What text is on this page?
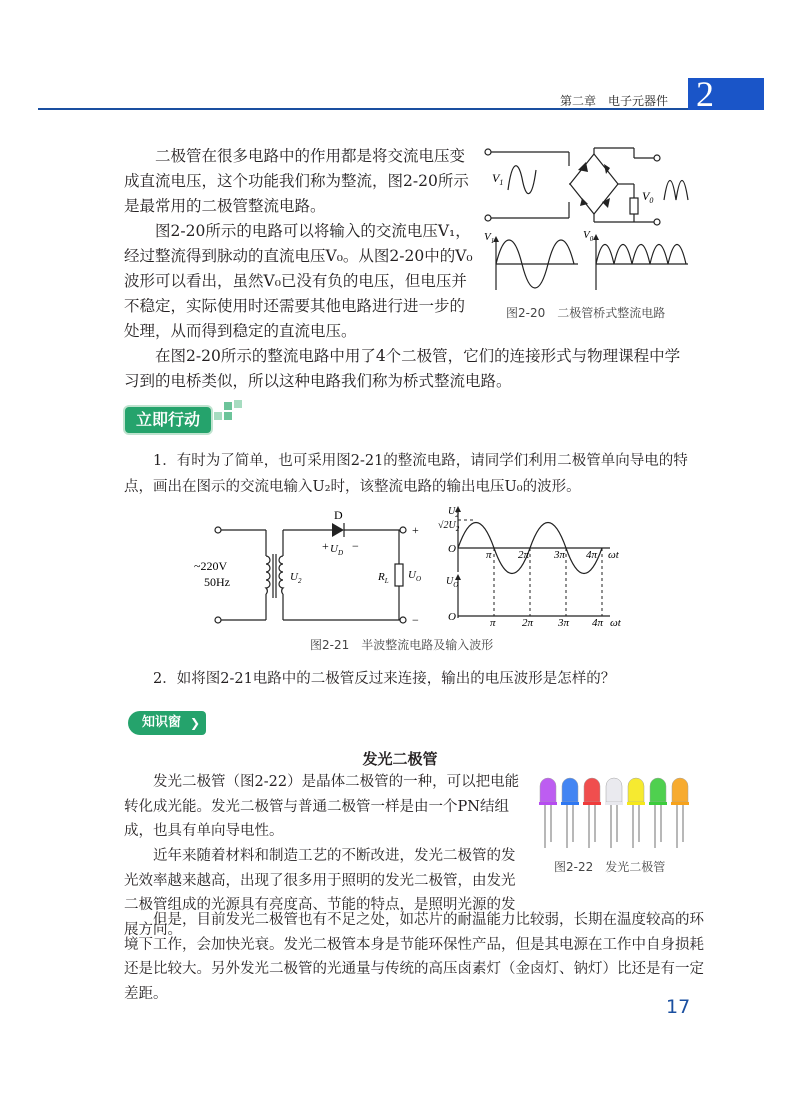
第二章　电子元器件 2

二极管在很多电路中的作用都是将交流电压变成直流电压，这个功能我们称为整流，图2-20所示是最常用的二极管整流电路。

图2-20所示的电路可以将输入的交流电压V₁，经过整流得到脉动的直流电压V₀。从图2-20中的V₀波形可以看出，虽然V₀已没有负的电压，但电压并不稳定，实际使用时还需要其他电路进行进一步的处理，从而得到稳定的直流电压。

在图2-20所示的整流电路中用了4个二极管，它们的连接形式与物理课程中学习到的电桥类似，所以这种电路我们称为桥式整流电路。

$V_1$
$V_0$
$V_1$	$V_0$
图2-20　二极管桥式整流电路
立即行动

1．有时为了简单，也可采用图2-21的整流电路，请同学们利用二极管单向导电的特点，画出在图示的交流电输入U₂时，该整流电路的输出电压U₀的波形。

D
+ $U_D$ −
+
−
~220V
50Hz	$U_2$	$R_L$ $U_O$
$U_2$
$√2U_2$
O	π 2π 3π 4π ωt
$U_O$
O	π 2π 3π 4π ωt
图2-21　半波整流电路及输入波形

2．如将图2-21电路中的二极管反过来连接，输出的电压波形是怎样的？

知识窗 ❯
发光二极管

发光二极管（图2-22）是晶体二极管的一种，可以把电能转化成光能。发光二极管与普通二极管一样是由一个PN结组成，也具有单向导电性。

近年来随着材料和制造工艺的不断改进，发光二极管的发光效率越来越高，出现了很多用于照明的发光二极管，由发光二极管组成的光源具有亮度高、节能的特点，是照明光源的发展方向。

但是，目前发光二极管也有不足之处，如芯片的耐温能力比较弱，长期在温度较高的环境下工作，会加快光衰。发光二极管本身是节能环保性产品，但是其电源在工作中自身损耗还是比较大。另外发光二极管的光通量与传统的高压卤素灯（金卤灯、钠灯）比还是有一定差距。

图2-22　发光二极管
17
